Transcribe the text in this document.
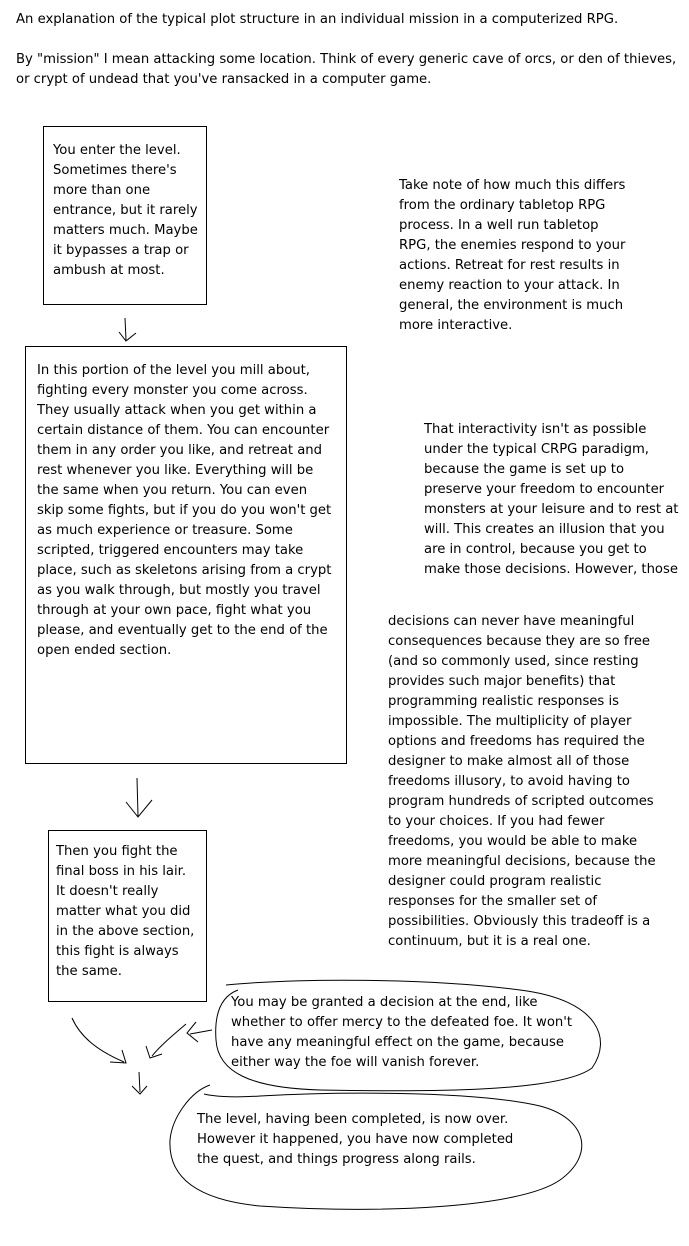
An explanation of the typical plot structure in an individual mission in a computerized RPG.

By "mission" I mean attacking some location. Think of every generic cave of orcs, or den of thieves, or crypt of undead that you've ransacked in a computer game.

You enter the level. Sometimes there's more than one entrance, but it rarely matters much. Maybe it bypasses a trap or ambush at most.

In this portion of the level you mill about, fighting every monster you come across. They usually attack when you get within a certain distance of them. You can encounter them in any order you like, and retreat and rest whenever you like. Everything will be the same when you return. You can even skip some fights, but if you do you won't get as much experience or treasure. Some scripted, triggered encounters may take place, such as skeletons arising from a crypt as you walk through, but mostly you travel through at your own pace, fight what you please, and eventually get to the end of the open ended section.

Then you fight the final boss in his lair. It doesn't really matter what you did in the above section, this fight is always the same.

Take note of how much this differs from the ordinary tabletop RPG process. In a well run tabletop RPG, the enemies respond to your actions. Retreat for rest results in enemy reaction to your attack. In general, the environment is much more interactive.

That interactivity isn't as possible under the typical CRPG paradigm, because the game is set up to preserve your freedom to encounter monsters at your leisure and to rest at will. This creates an illusion that you are in control, because you get to make those decisions. However, those

decisions can never have meaningful consequences because they are so free (and so commonly used, since resting provides such major benefits) that programming realistic responses is impossible. The multiplicity of player options and freedoms has required the designer to make almost all of those freedoms illusory, to avoid having to program hundreds of scripted outcomes to your choices. If you had fewer freedoms, you would be able to make more meaningful decisions, because the designer could program realistic responses for the smaller set of possibilities. Obviously this tradeoff is a continuum, but it is a real one.

You may be granted a decision at the end, like whether to offer mercy to the defeated foe. It won't have any meaningful effect on the game, because either way the foe will vanish forever.

The level, having been completed, is now over. However it happened, you have now completed the quest, and things progress along rails.
